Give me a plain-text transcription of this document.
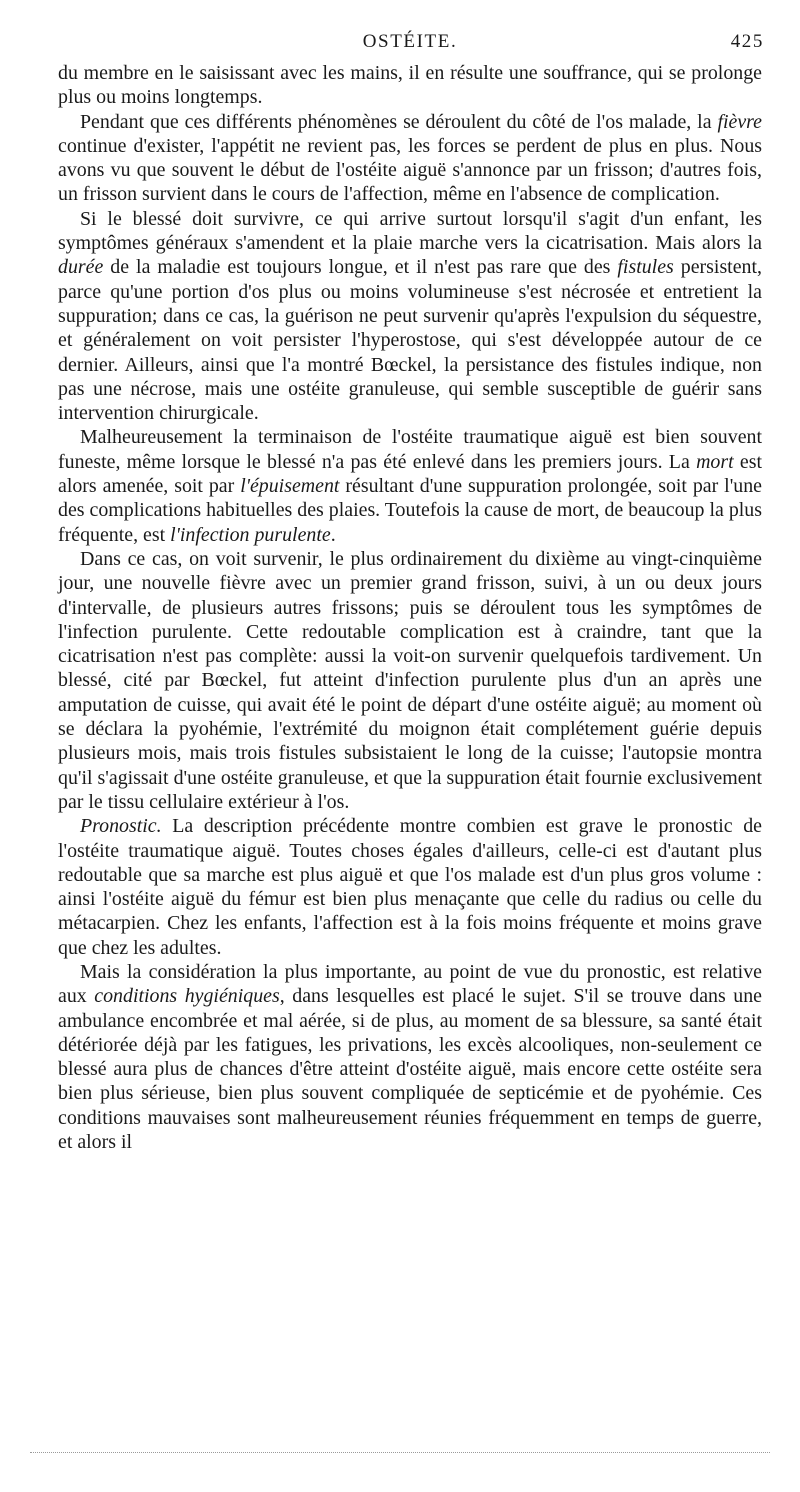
OSTÉITE.	425

du membre en le saisissant avec les mains, il en résulte une souffrance, qui se prolonge plus ou moins longtemps.

Pendant que ces différents phénomènes se déroulent du côté de l'os malade, la fièvre continue d'exister, l'appétit ne revient pas, les forces se perdent de plus en plus. Nous avons vu que souvent le début de l'ostéite aiguë s'annonce par un frisson; d'autres fois, un frisson survient dans le cours de l'affection, même en l'absence de complication.

Si le blessé doit survivre, ce qui arrive surtout lorsqu'il s'agit d'un enfant, les symptômes généraux s'amendent et la plaie marche vers la cicatrisation. Mais alors la durée de la maladie est toujours longue, et il n'est pas rare que des fistules persistent, parce qu'une portion d'os plus ou moins volumineuse s'est nécrosée et entretient la suppuration; dans ce cas, la guérison ne peut survenir qu'après l'expulsion du séquestre, et généralement on voit persister l'hyperostose, qui s'est développée autour de ce dernier. Ailleurs, ainsi que l'a montré Bœckel, la persistance des fistules indique, non pas une nécrose, mais une ostéite granuleuse, qui semble susceptible de guérir sans intervention chirurgicale.

Malheureusement la terminaison de l'ostéite traumatique aiguë est bien souvent funeste, même lorsque le blessé n'a pas été enlevé dans les premiers jours. La mort est alors amenée, soit par l'épuisement résultant d'une suppuration prolongée, soit par l'une des complications habituelles des plaies. Toutefois la cause de mort, de beaucoup la plus fréquente, est l'infection purulente.

Dans ce cas, on voit survenir, le plus ordinairement du dixième au vingt-cinquième jour, une nouvelle fièvre avec un premier grand frisson, suivi, à un ou deux jours d'intervalle, de plusieurs autres frissons; puis se déroulent tous les symptômes de l'infection purulente. Cette redoutable complication est à craindre, tant que la cicatrisation n'est pas complète: aussi la voit-on survenir quelquefois tardivement. Un blessé, cité par Bœckel, fut atteint d'infection purulente plus d'un an après une amputation de cuisse, qui avait été le point de départ d'une ostéite aiguë; au moment où se déclara la pyohémie, l'extrémité du moignon était complétement guérie depuis plusieurs mois, mais trois fistules subsistaient le long de la cuisse; l'autopsie montra qu'il s'agissait d'une ostéite granuleuse, et que la suppuration était fournie exclusivement par le tissu cellulaire extérieur à l'os.

Pronostic. La description précédente montre combien est grave le pronostic de l'ostéite traumatique aiguë. Toutes choses égales d'ailleurs, celle-ci est d'autant plus redoutable que sa marche est plus aiguë et que l'os malade est d'un plus gros volume : ainsi l'ostéite aiguë du fémur est bien plus menaçante que celle du radius ou celle du métacarpien. Chez les enfants, l'affection est à la fois moins fréquente et moins grave que chez les adultes.

Mais la considération la plus importante, au point de vue du pronostic, est relative aux conditions hygiéniques, dans lesquelles est placé le sujet. S'il se trouve dans une ambulance encombrée et mal aérée, si de plus, au moment de sa blessure, sa santé était détériorée déjà par les fatigues, les privations, les excès alcooliques, non-seulement ce blessé aura plus de chances d'être atteint d'ostéite aiguë, mais encore cette ostéite sera bien plus sérieuse, bien plus souvent compliquée de septicémie et de pyohémie. Ces conditions mauvaises sont malheureusement réunies fréquemment en temps de guerre, et alors il
